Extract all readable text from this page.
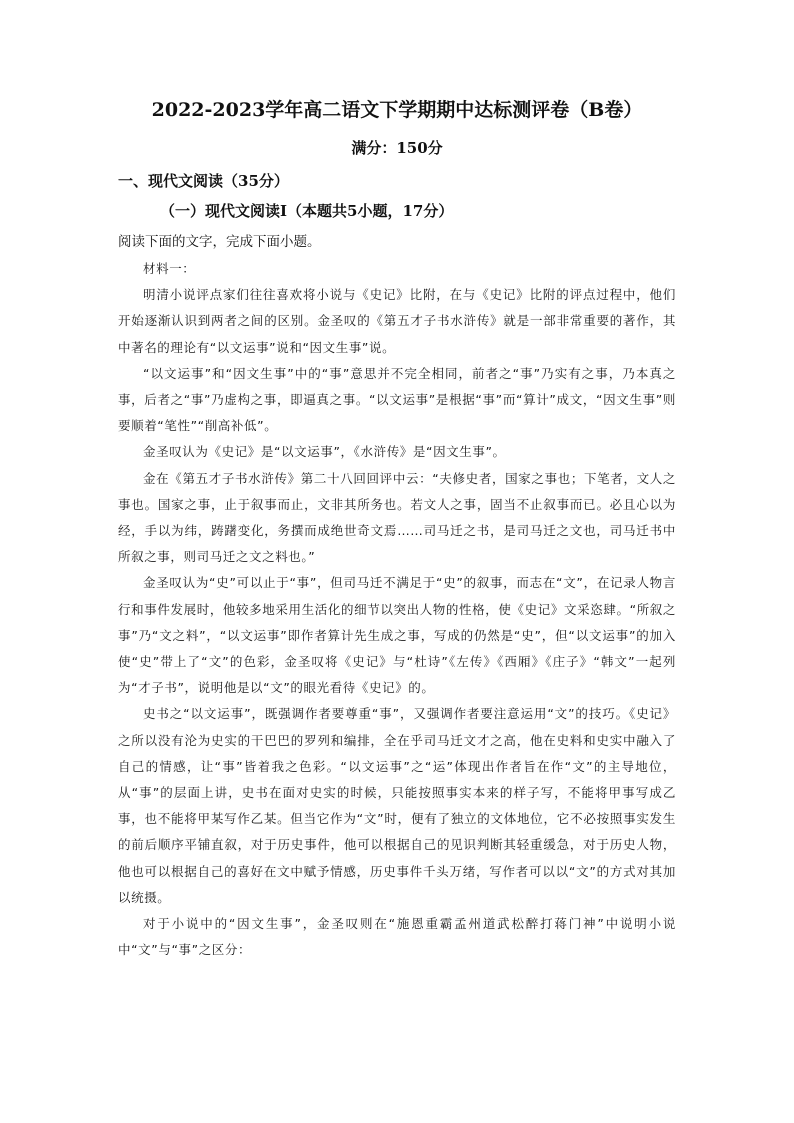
2022-2023学年高二语文下学期期中达标测评卷（B卷）
满分：150分
一、现代文阅读（35分）
（一）现代文阅读Ⅰ（本题共5小题，17分）
阅读下面的文字，完成下面小题。

材料一：

明清小说评点家们往往喜欢将小说与《史记》比附，在与《史记》比附的评点过程中，他们开始逐渐认识到两者之间的区别。金圣叹的《第五才子书水浒传》就是一部非常重要的著作，其中著名的理论有“以文运事”说和“因文生事”说。

“以文运事”和“因文生事”中的“事”意思并不完全相同，前者之“事”乃实有之事，乃本真之事，后者之“事”乃虚构之事，即逼真之事。“以文运事”是根据“事”而“算计”成文，“因文生事”则要顺着“笔性”“削高补低”。

金圣叹认为《史记》是“以文运事”，《水浒传》是“因文生事”。

金在《第五才子书水浒传》第二十八回回评中云：“夫修史者，国家之事也；下笔者，文人之事也。国家之事，止于叙事而止，文非其所务也。若文人之事，固当不止叙事而已。必且心以为经，手以为纬，踌躇变化，务撰而成绝世奇文焉……司马迁之书，是司马迁之文也，司马迁书中所叙之事，则司马迁之文之料也。”

金圣叹认为“史”可以止于“事”，但司马迁不满足于“史”的叙事，而志在“文”，在记录人物言行和事件发展时，他较多地采用生活化的细节以突出人物的性格，使《史记》文采恣肆。“所叙之事”乃“文之料”，“以文运事”即作者算计先生成之事，写成的仍然是“史”，但“以文运事”的加入使“史”带上了“文”的色彩，金圣叹将《史记》与“杜诗”《左传》《西厢》《庄子》“韩文”一起列为“才子书”，说明他是以“文”的眼光看待《史记》的。

史书之“以文运事”，既强调作者要尊重“事”，又强调作者要注意运用“文”的技巧。《史记》之所以没有沦为史实的干巴巴的罗列和编排，全在乎司马迁文才之高，他在史料和史实中融入了自己的情感，让“事”皆着我之色彩。“以文运事”之“运”体现出作者旨在作“文”的主导地位，从“事”的层面上讲，史书在面对史实的时候，只能按照事实本来的样子写，不能将甲事写成乙事，也不能将甲某写作乙某。但当它作为“文”时，便有了独立的文体地位，它不必按照事实发生的前后顺序平铺直叙，对于历史事件，他可以根据自己的见识判断其轻重缓急，对于历史人物，他也可以根据自己的喜好在文中赋予情感，历史事件千头万绪，写作者可以以“文”的方式对其加以统摄。

对于小说中的“因文生事”，金圣叹则在“施恩重霸孟州道武松醉打蒋门神”中说明小说中“文”与“事”之区分：
